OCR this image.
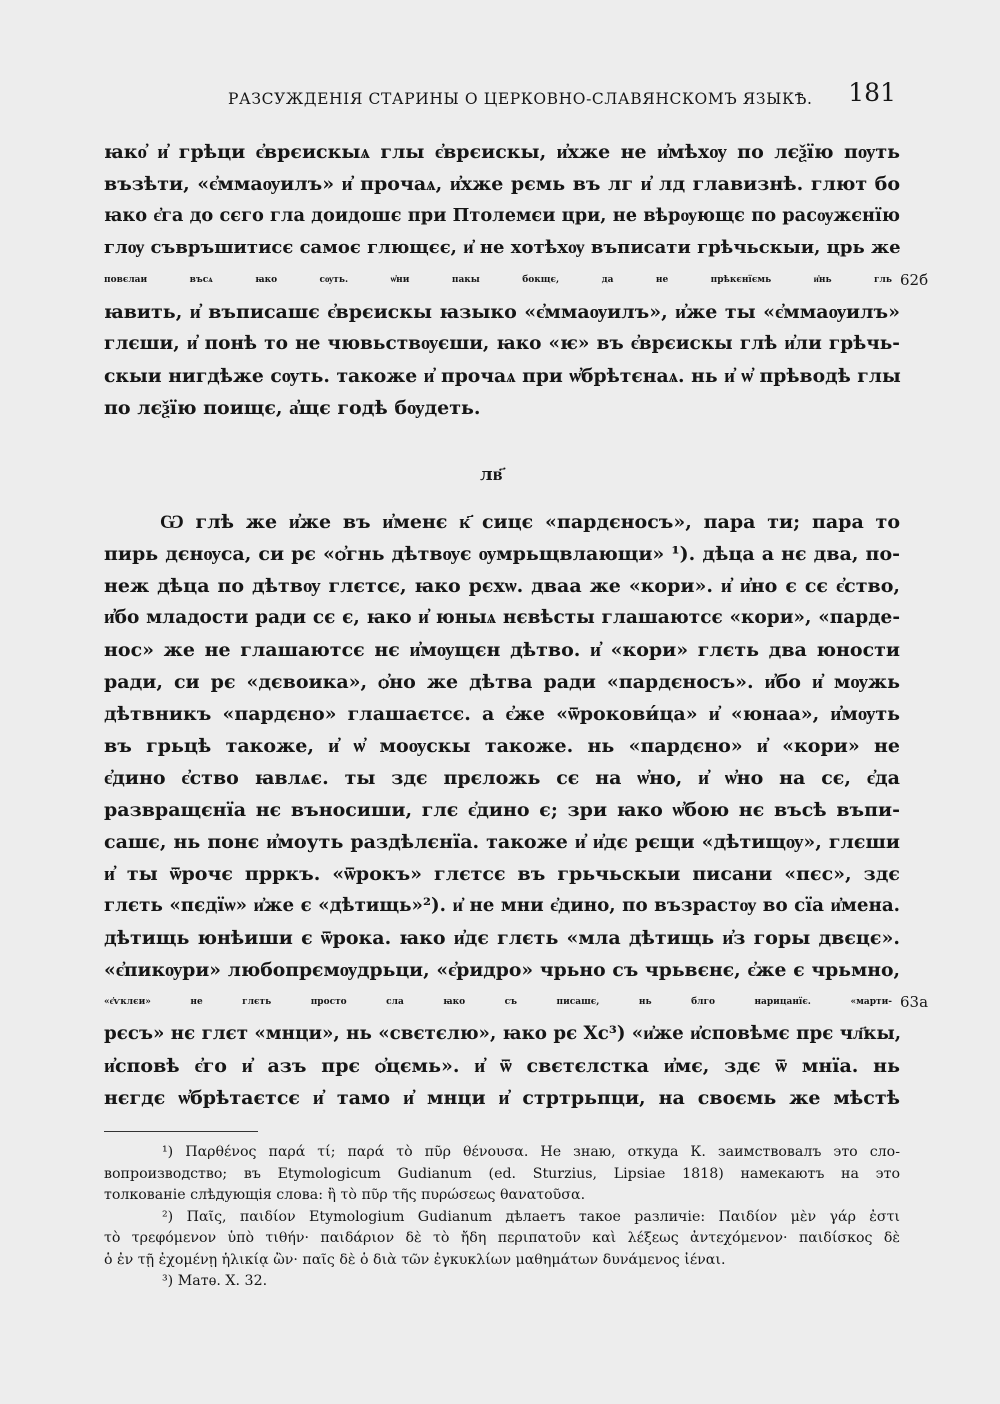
РАЗСУЖДЕНІЯ СТАРИНЫ О ЦЕРКОВНО-СЛАВЯНСКОМЪ ЯЗЫКѢ. 181
ꙗко҆ и҆ грѣци є҆врєискыѧ глы є҆врєискы, и҆хже не и҆мѣхѹ по лєѯїю пѹть
възѣти, «є҆ммаѹилъ» и҆ прочаѧ, и҆хже рємь въ лг и҆ лд главизнѣ. глют бо
ꙗко є҆га до сєго гла доидошє при Птолемєи цри, не вѣрѹющє по расѹжєнїю
глѹ съвръшитисє самоє глющєє, и҆ не хотѣхѹ въписати грѣчьскыи, црь же
повєлаи въсѧ ꙗко сѹть. ѡ҆ни пакы бокщє, да не прѣкєнїємь и҆нь гль 62б
ꙗвить, и҆ въписашє є҆врєискы ꙗзыко «є҆ммаѹилъ», и҆же ты «є҆ммаѹилъ»
глєши, и҆ понѣ то не чювьствѹєши, ꙗко «ѥ» въ є҆врєискы глѣ и҆ли грѣчь-
скыи нигдѣже сѹть. такоже и҆ прочаѧ при ѡ҆брѣтєнаѧ. нь и҆ ѡ҆ прѣводѣ глы
по лєѯїю поищє, а҆щє годѣ бѹдеть.
лв҃
Ѡ глѣ же и҆же въ и҆менє к҃ сицє «пардєносъ», пара ти; пара то
пирь дєнѹса, си рє «ѻ҆гнь дѣтвѹє ѹмрьщвлающи» ¹). дѣца а нє два, по-
неж дѣца по дѣтвѹ глєтсє, ꙗко рєхѡ. дваа же «кори». и҆ и҆но є сє є҆ство,
и҆бо младости ради сє є, ꙗко и҆ юныѧ нєвѣсты глашаютсє «кори», «парде-
нос» же не глашаютсє нє и҆мѹщєн дѣтво. и҆ «кори» глєть два юности
ради, си рє «дєвоика», ѻ҆но же дѣтва ради «пардєносъ». и҆бо и҆ мѹжь
дѣтвникъ «пардєно» глашаєтсє. а є҆же «ѿрокови́ца» и҆ «юнаа», и҆мѹть
въ грьцѣ такоже, и҆ ѡ҆ моѹскы такоже. нь «пардєно» и҆ «кори» не
є҆дино є҆ство ꙗвлѧє. ты здє прєложь сє на ѡ҆но, и҆ ѡ҆но на сє, є҆да
развращєнїа нє въносиши, глє є҆дино є; зри ꙗко ѡ҆бою нє въсѣ въпи-
сашє, нь понє и҆моуть раздѣлєнїа. такоже и҆ и҆дє рєщи «дѣтищѹ», глєши
и҆ ты ѿрочє прркъ. «ѿрокъ» глєтсє въ грьчьскыи писани «пєс», здє
глєть «пєдїѡ» и҆же є «дѣтищь»²). и҆ не мни є҆дино, по възрастѹ во сїа и҆мена.
дѣтищь юнѣиши є ѿрока. ꙗко и҆дє глєть «мла дѣтищь и҆з горы двєцє».
«є҆пикѹри» любопрємѹдрьци, «є҆ридро» чрьно съ чрьвєнє, є҆же є чрьмно,
«є҆ѵклєи» не глєть просто сла ꙗко съ писашє, нь блго нарицанїє. «марти- 63а
рєсъ» нє глєт «мнци», нь «свєтєлю», ꙗко рє Хс³) «и҆же и҆сповѣмє прє чл҃кы,
и҆сповѣ є҆го и҆ азъ прє ѻ҆цємь». и҆ ѿ свєтєлстка и҆мє, здє ѿ мнїа. нь
нєгдє ѡ҆брѣтаєтсє и҆ тамо и҆ мнци и҆ стртрьпци, на своємь же мѣстѣ
¹) Παρθένος παρά τί; παρά τὸ πῦρ θένουσα. Не знаю, откуда К. заимствовалъ это сло-
вопроизводство; въ Etymologicum Gudianum (ed. Sturzius, Lipsiae 1818) намекаютъ на это
толкованіе слѣдующія слова: ἢ τὸ πῦρ τῆς πυρώσεως θανατοῦσα.
²) Παῖς, παιδίον Etymologium Gudianum дѣлаетъ такое различіе: Παιδίον μὲν γάρ ἐστι
τὸ τρεφόμενον ὑπὸ τιθήν· παιδάριον δὲ τὸ ἤδη περιπατοῦν καὶ λέξεως ἀντεχόμενον· παιδίσκος δὲ
ὁ ἐν τῇ ἐχομένῃ ἡλικίᾳ ὢν· παῖς δὲ ὁ διὰ τῶν ἐγκυκλίων μαθημάτων δυνάμενος ἰέναι.
³) Матѳ. X. 32.
